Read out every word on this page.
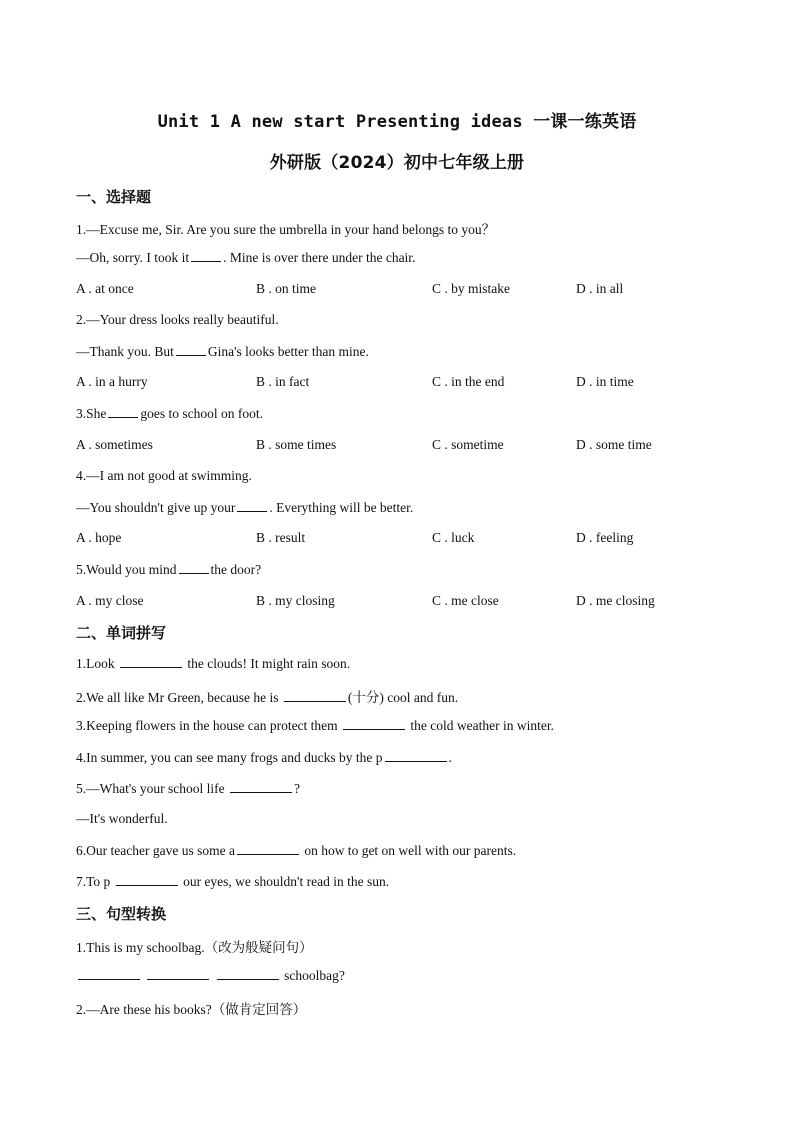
Unit 1 A new start Presenting ideas 一课一练英语
外研版（2024）初中七年级上册
一、选择题
1.—Excuse me, Sir. Are you sure the umbrella in your hand belongs to you？
—Oh, sorry. I took it	. Mine is over there under the chair.
A . at once	B . on time	C . by mistake	D . in all
2.—Your dress looks really beautiful.
—Thank you. But	Gina's looks better than mine.
A . in a hurry	B . in fact	C . in the end	D . in time
3.She	goes to school on foot.
A . sometimes	B . some times	C . sometime	D . some time
4.—I am not good at swimming.
—You shouldn't give up your	. Everything will be better.
A . hope	B . result	C . luck	D . feeling
5.Would you mind	the door?
A . my close	B . my closing	C . me close	D . me closing
二、单词拼写
1.Look	the clouds! It might rain soon.
2.We all like Mr Green, because he is	(十分) cool and fun.
3.Keeping flowers in the house can protect them	the cold weather in winter.
4.In summer, you can see many frogs and ducks by the p	.
5.—What's your school life	?
—It's wonderful.
6.Our teacher gave us some a	on how to get on well with our parents.
7.To p	our eyes, we shouldn't read in the sun.
三、句型转换
1.This is my schoolbag.（改为般疑问句）
schoolbag?
2.—Are these his books?（做肯定回答）
